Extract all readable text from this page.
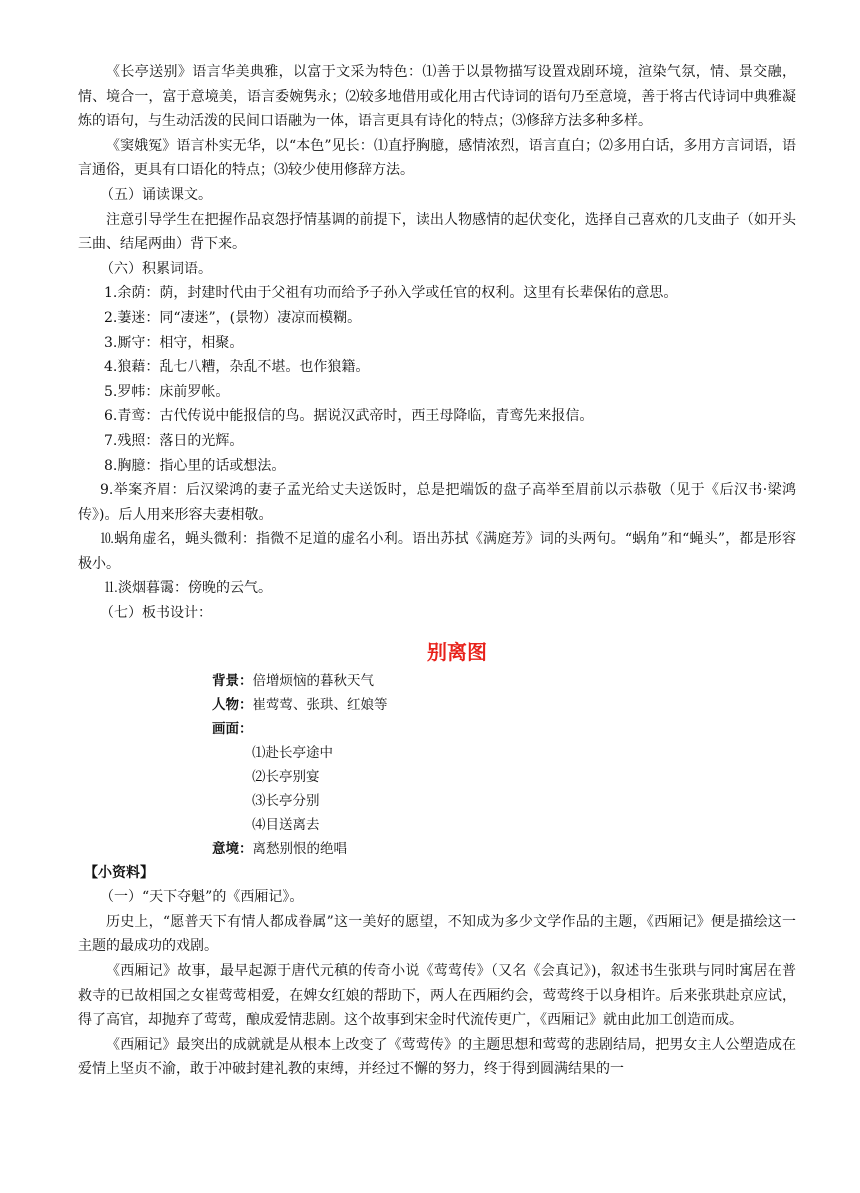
《长亭送别》语言华美典雅，以富于文采为特色：⑴善于以景物描写设置戏剧环境，渲染气氛，情、景交融，情、境合一，富于意境美，语言委婉隽永；⑵较多地借用或化用古代诗词的语句乃至意境，善于将古代诗词中典雅凝炼的语句，与生动活泼的民间口语融为一体，语言更具有诗化的特点；⑶修辞方法多种多样。

《窦娥冤》语言朴实无华，以“本色”见长：⑴直抒胸臆，感情浓烈，语言直白；⑵多用白话，多用方言词语，语言通俗，更具有口语化的特点；⑶较少使用修辞方法。

（五）诵读课文。

注意引导学生在把握作品哀怨抒情基调的前提下，读出人物感情的起伏变化，选择自己喜欢的几支曲子（如开头三曲、结尾两曲）背下来。

（六）积累词语。

1.余荫：荫，封建时代由于父祖有功而给予子孙入学或任官的权利。这里有长辈保佑的意思。

2.萋迷：同“凄迷”，(景物）凄凉而模糊。

3.厮守：相守，相聚。

4.狼藉：乱七八糟，杂乱不堪。也作狼籍。

5.罗帏：床前罗帐。

6.青鸾：古代传说中能报信的鸟。据说汉武帝时，西王母降临，青鸾先来报信。

7.残照：落日的光辉。

8.胸臆：指心里的话或想法。

9.举案齐眉：后汉梁鸿的妻子孟光给丈夫送饭时，总是把端饭的盘子高举至眉前以示恭敬（见于《后汉书·梁鸿传》)。后人用来形容夫妻相敬。

⒑蜗角虚名，蝇头微利：指微不足道的虚名小利。语出苏拭《满庭芳》词的头两句。“蜗角”和“蝇头”，都是形容极小。

⒒淡烟暮霭：傍晚的云气。

（七）板书设计：

别离图
背景：倍增烦恼的暮秋天气
人物：崔莺莺、张珙、红娘等
画面：
⑴赴长亭途中
⑵长亭别宴
⑶长亭分别
⑷目送离去
意境：离愁别恨的绝唱

【小资料】

（一）“天下夺魁”的《西厢记》。

历史上，“愿普天下有情人都成眷属”这一美好的愿望，不知成为多少文学作品的主题，《西厢记》便是描绘这一主题的最成功的戏剧。

《西厢记》故事，最早起源于唐代元稹的传奇小说《莺莺传》（又名《会真记》)，叙述书生张珙与同时寓居在普救寺的已故相国之女崔莺莺相爱，在婢女红娘的帮助下，两人在西厢约会，莺莺终于以身相许。后来张珙赴京应试，得了高官，却抛弃了莺莺，酿成爱情悲剧。这个故事到宋金时代流传更广，《西厢记》就由此加工创造而成。

《西厢记》最突出的成就就是从根本上改变了《莺莺传》的主题思想和莺莺的悲剧结局，把男女主人公塑造成在爱情上坚贞不渝，敢于冲破封建礼教的束缚，并经过不懈的努力，终于得到圆满结果的一
